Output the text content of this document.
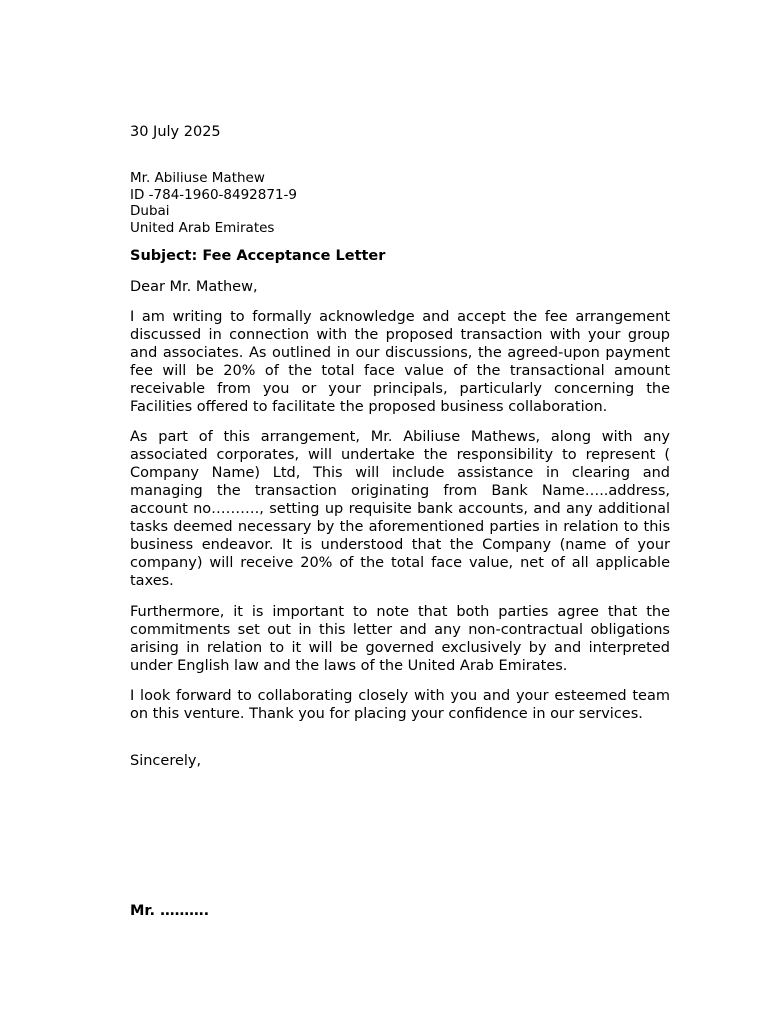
30 July 2025

Mr. Abiliuse Mathew

ID -784-1960-8492871-9

Dubai

United Arab Emirates

Subject: Fee Acceptance Letter

Dear Mr. Mathew,

I am writing to formally acknowledge and accept the fee arrangement discussed in connection with the proposed transaction with your group and associates. As outlined in our discussions, the agreed-upon payment fee will be 20% of the total face value of the transactional amount receivable from you or your principals, particularly concerning the Facilities offered to facilitate the proposed business collaboration.

As part of this arrangement, Mr. Abiliuse Mathews, along with any associated corporates, will undertake the responsibility to represent ( Company Name) Ltd, This will include assistance in clearing and managing the transaction originating from Bank Name…..address, account no………., setting up requisite bank accounts, and any additional tasks deemed necessary by the aforementioned parties in relation to this business endeavor. It is understood that the Company (name of your company) will receive 20% of the total face value, net of all applicable taxes.

Furthermore, it is important to note that both parties agree that the commitments set out in this letter and any non-contractual obligations arising in relation to it will be governed exclusively by and interpreted under English law and the laws of the United Arab Emirates.

I look forward to collaborating closely with you and your esteemed team on this venture. Thank you for placing your confidence in our services.

Sincerely,

Mr. ……….
